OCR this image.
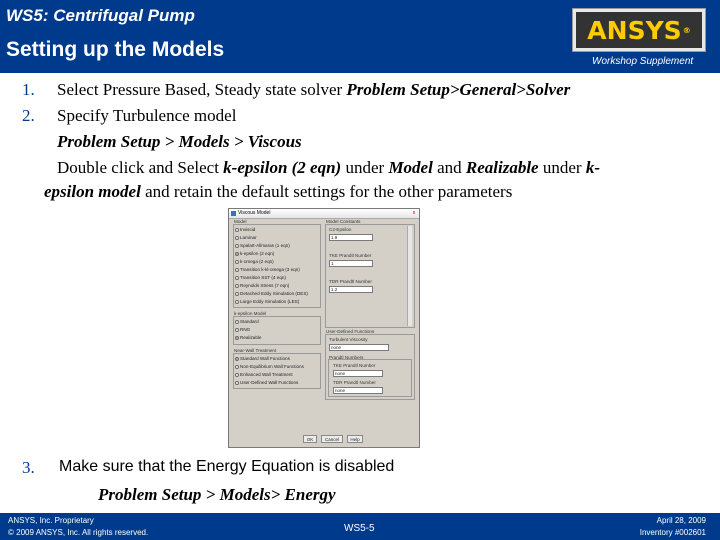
WS5: Centrifugal Pump
Setting up the Models
ANSYS ®
Workshop Supplement
1. Select Pressure Based, Steady state solver Problem Setup>General>Solver
2. Specify Turbulence model
Problem Setup > Models > Viscous
Double click and Select k-epsilon (2 eqn) under Model and Realizable under k-
epsilon model and retain the default settings for the other parameters
Viscous Model	x
Model
Inviscid
Laminar
Spalart-Allmaras (1 eqn)
k-epsilon (2 eqn)
k-omega (2 eqn)
Transition k-kl-omega (3 eqn)
Transition SST (4 eqn)
Reynolds Stress (7 eqn)
Detached Eddy Simulation (DES)
Large Eddy Simulation (LES)
k-epsilon Model
Standard
RNG
Realizable
Near-Wall Treatment
Standard Wall Functions
Non-Equilibrium Wall Functions
Enhanced Wall Treatment
User-Defined Wall Functions
Model Constants
C2-Epsilon
1.9
TKE Prandtl Number
1
TDR Prandtl Number
1.2
User-Defined Functions
Turbulent Viscosity
none
Prandtl Numbers
TKE Prandtl Number
none
TDR Prandtl Number
none
OK	Cancel	Help
3. Make sure that the Energy Equation is disabled
Problem Setup > Models> Energy
ANSYS, Inc. Proprietary
© 2009 ANSYS, Inc. All rights reserved.	WS5-5
April 28, 2009
Inventory #002601
